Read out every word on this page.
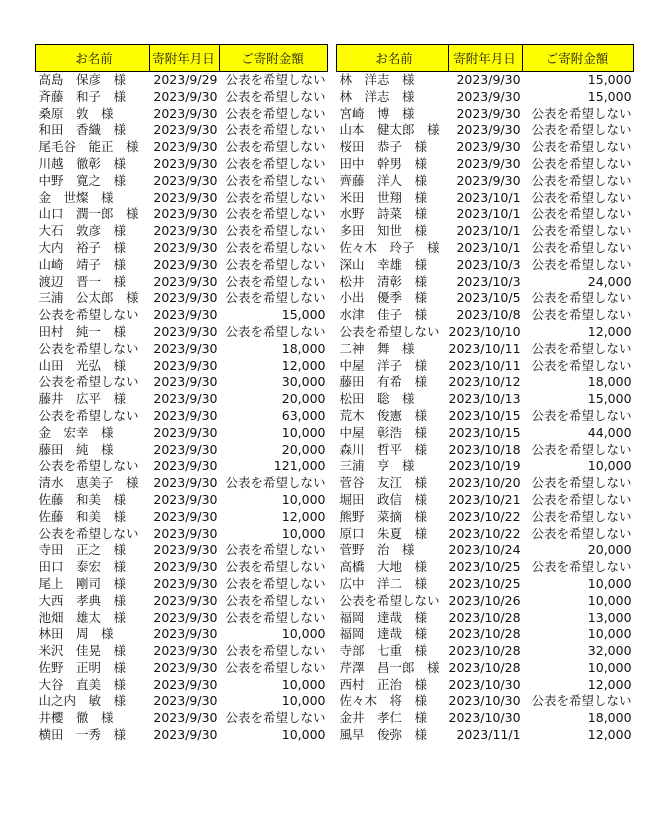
お名前	寄附年月日	ご寄附金額
高島　保彦　様	2023/9/29	公表を希望しない
斉藤　和子　様	2023/9/30	公表を希望しない
桑原　敦　様	2023/9/30	公表を希望しない
和田　香織　様	2023/9/30	公表を希望しない
尾毛谷　能正　様	2023/9/30	公表を希望しない
川越　徹彰　様	2023/9/30	公表を希望しない
中野　寛之　様	2023/9/30	公表を希望しない
金　世燦　様	2023/9/30	公表を希望しない
山口　潤一郎　様	2023/9/30	公表を希望しない
大石　敦彦　様	2023/9/30	公表を希望しない
大内　裕子　様	2023/9/30	公表を希望しない
山崎　靖子　様	2023/9/30	公表を希望しない
渡辺　晋一　様	2023/9/30	公表を希望しない
三浦　公太郎　様	2023/9/30	公表を希望しない
公表を希望しない	2023/9/30	15,000
田村　純一　様	2023/9/30	公表を希望しない
公表を希望しない	2023/9/30	18,000
山田　光弘　様	2023/9/30	12,000
公表を希望しない	2023/9/30	30,000
藤井　広平　様	2023/9/30	20,000
公表を希望しない	2023/9/30	63,000
金　宏幸　様	2023/9/30	10,000
藤田　純　様	2023/9/30	20,000
公表を希望しない	2023/9/30	121,000
清水　恵美子　様	2023/9/30	公表を希望しない
佐藤　和美　様	2023/9/30	10,000
佐藤　和美　様	2023/9/30	12,000
公表を希望しない	2023/9/30	10,000
寺田　正之　様	2023/9/30	公表を希望しない
田口　泰宏　様	2023/9/30	公表を希望しない
尾上　剛司　様	2023/9/30	公表を希望しない
大西　孝典　様	2023/9/30	公表を希望しない
池畑　雄太　様	2023/9/30	公表を希望しない
林田　周　様	2023/9/30	10,000
米沢　佳晃　様	2023/9/30	公表を希望しない
佐野　正明　様	2023/9/30	公表を希望しない
大谷　直美　様	2023/9/30	10,000
山之内　敏　様	2023/9/30	10,000
井櫻　徹　様	2023/9/30	公表を希望しない
横田　一秀　様	2023/9/30	10,000
お名前	寄附年月日	ご寄附金額
林　洋志　様	2023/9/30	15,000
林　洋志　様	2023/9/30	15,000
宮崎　博　様	2023/9/30	公表を希望しない
山本　健太郎　様	2023/9/30	公表を希望しない
桜田　恭子　様	2023/9/30	公表を希望しない
田中　幹男　様	2023/9/30	公表を希望しない
齊藤　洋人　様	2023/9/30	公表を希望しない
米田　世翔　様	2023/10/1	公表を希望しない
水野　詩菜　様	2023/10/1	公表を希望しない
多田　知世　様	2023/10/1	公表を希望しない
佐々木　玲子　様	2023/10/1	公表を希望しない
深山　幸雄　様	2023/10/3	公表を希望しない
松井　清彰　様	2023/10/3	24,000
小出　優季　様	2023/10/5	公表を希望しない
水津　佳子　様	2023/10/8	公表を希望しない
公表を希望しない	2023/10/10	12,000
二神　舞　様	2023/10/11	公表を希望しない
中屋　洋子　様	2023/10/11	公表を希望しない
藤田　有希　様	2023/10/12	18,000
松田　聡　様	2023/10/13	15,000
荒木　俊憲　様	2023/10/15	公表を希望しない
中屋　彰浩　様	2023/10/15	44,000
森川　哲平　様	2023/10/18	公表を希望しない
三浦　亨　様	2023/10/19	10,000
菅谷　友江　様	2023/10/20	公表を希望しない
堀田　政信　様	2023/10/21	公表を希望しない
熊野　菜摘　様	2023/10/22	公表を希望しない
原口　朱夏　様	2023/10/22	公表を希望しない
菅野　治　様	2023/10/24	20,000
高橋　大地　様	2023/10/25	公表を希望しない
広中　洋二　様	2023/10/25	10,000
公表を希望しない	2023/10/26	10,000
福岡　達哉　様	2023/10/28	13,000
福岡　達哉　様	2023/10/28	10,000
寺部　七重　様	2023/10/28	32,000
芹澤　昌一郎　様	2023/10/28	10,000
西村　正治　様	2023/10/30	12,000
佐々木　将　様	2023/10/30	公表を希望しない
金井　孝仁　様	2023/10/30	18,000
風早　俊弥　様	2023/11/1	12,000
